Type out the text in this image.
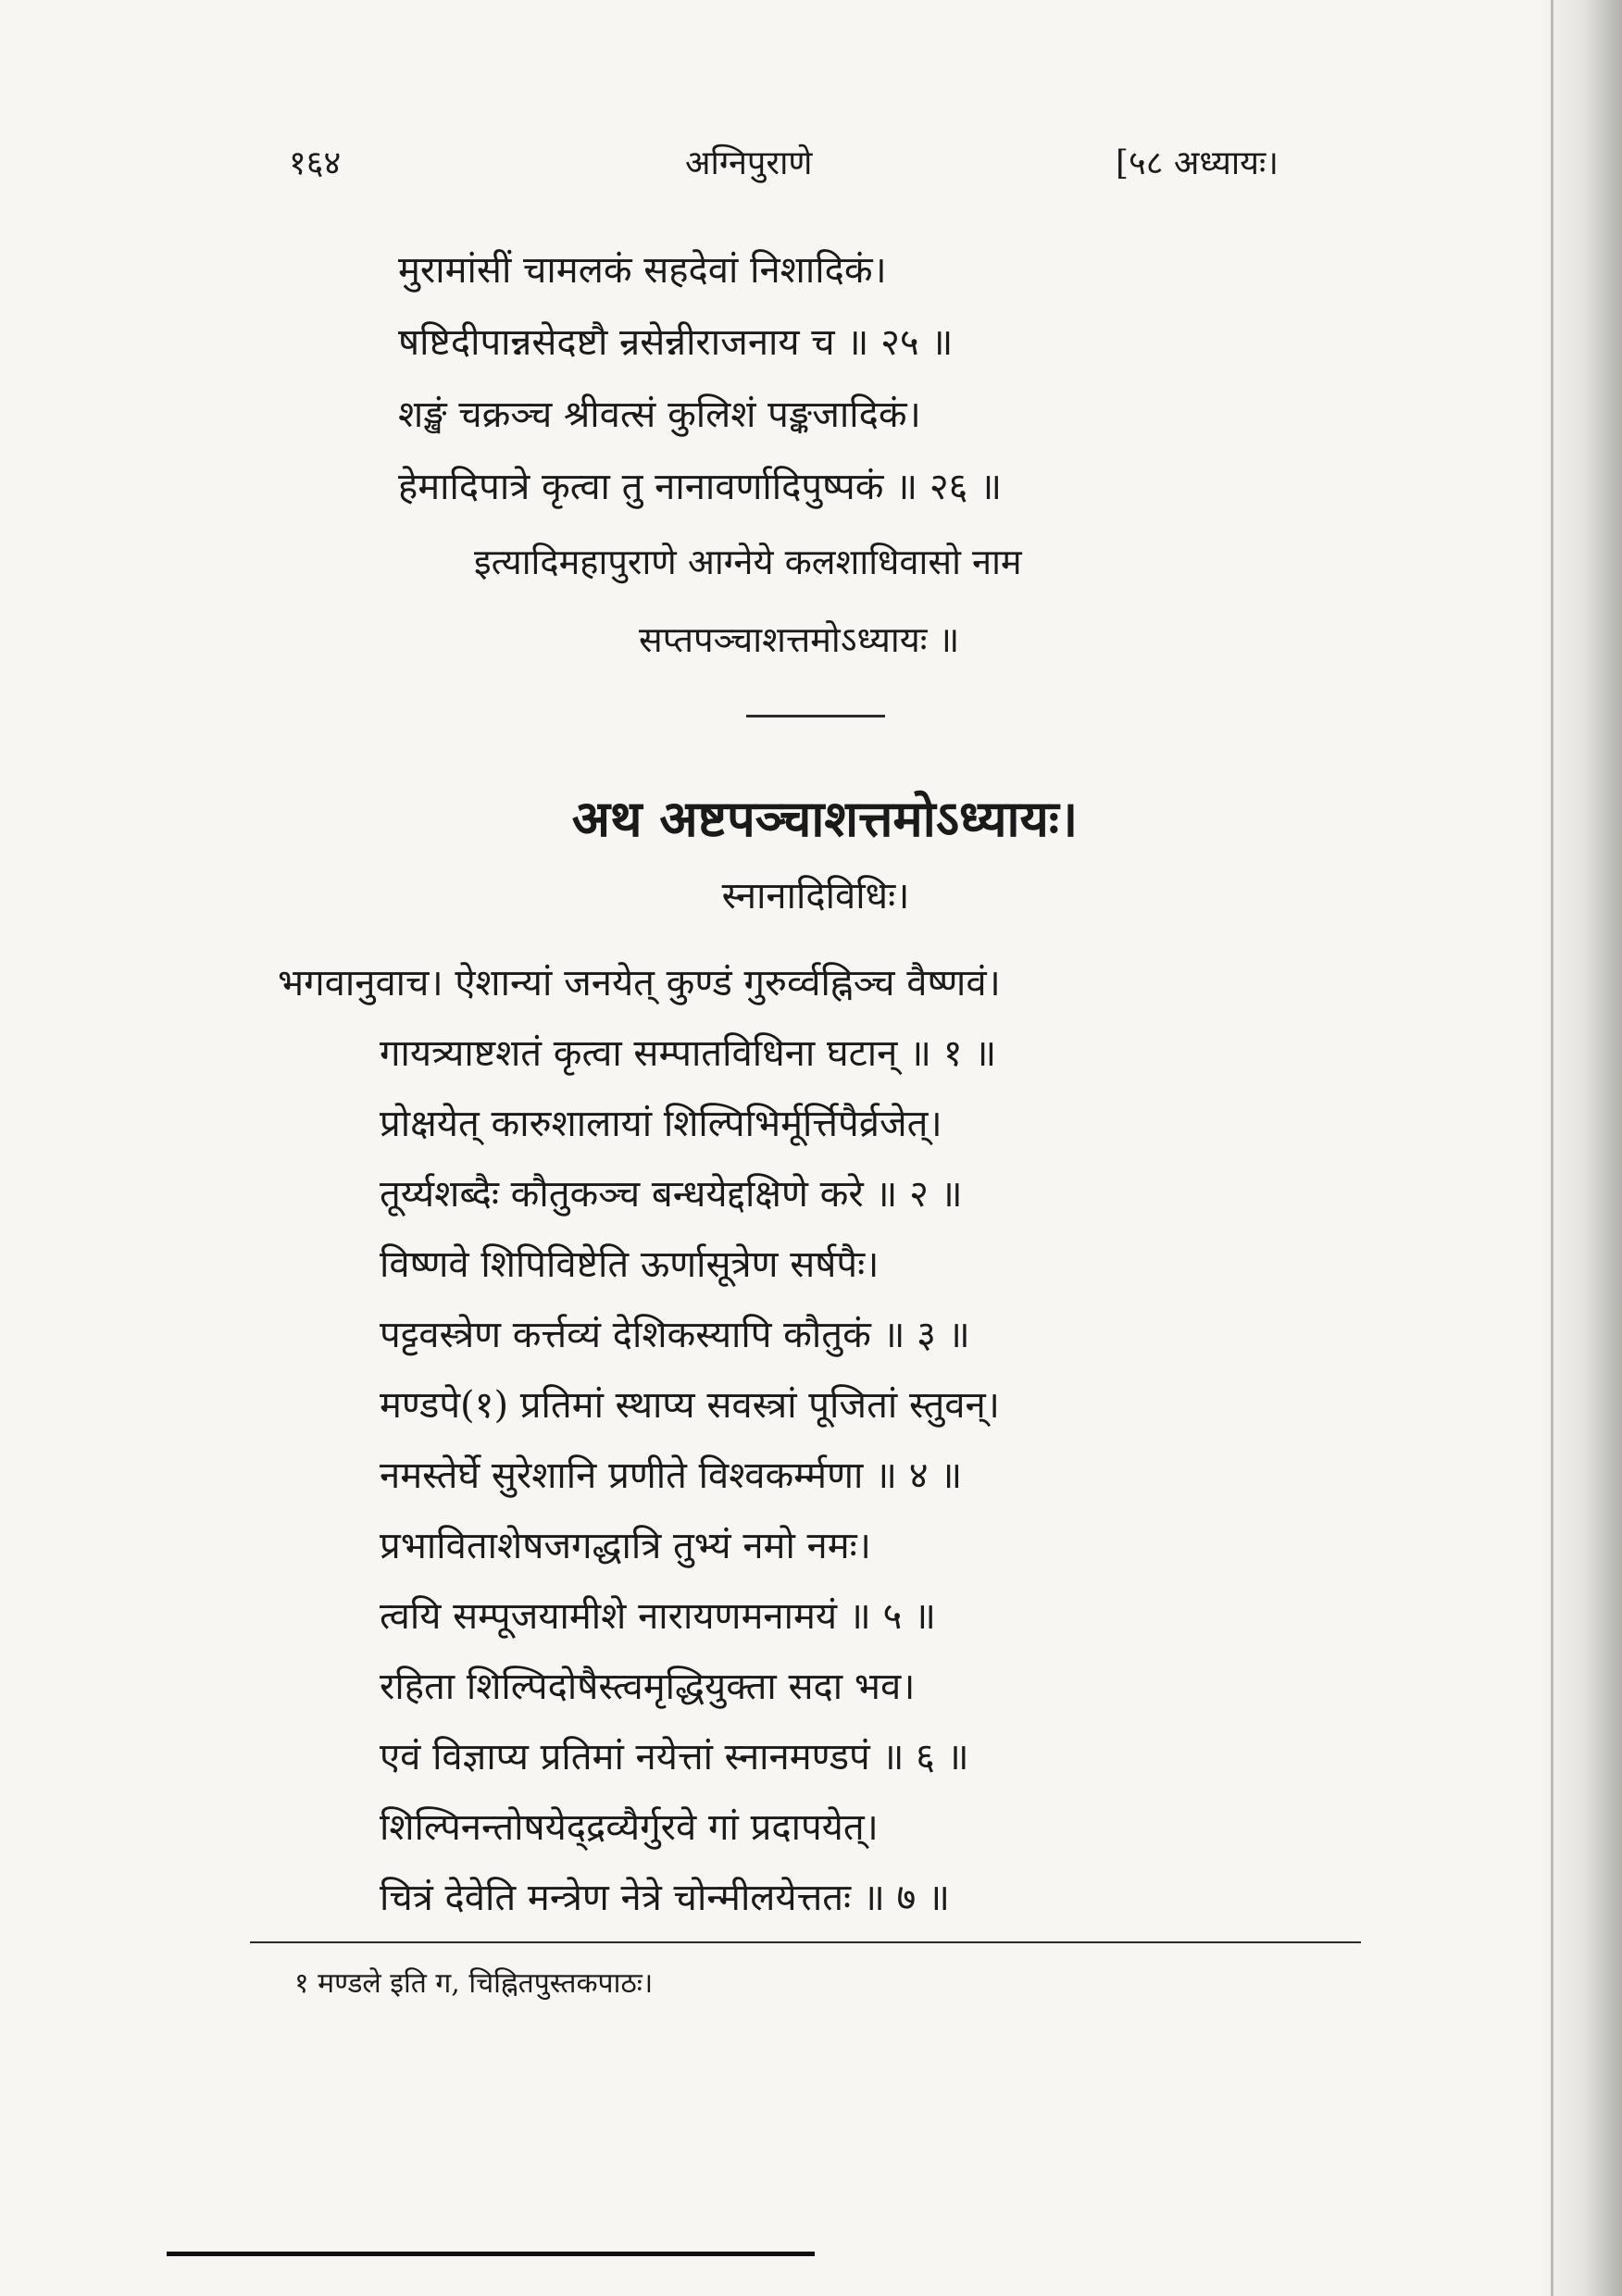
१६४	अग्निपुराणे	[५८ अध्यायः।
मुरामांसीं चामलकं सहदेवां निशादिकं।
षष्टिदीपान्नसेदष्टौ न्रसेन्नीराजनाय च ॥ २५ ॥
शङ्खं चक्रञ्च श्रीवत्सं कुलिशं पङ्कजादिकं।
हेमादिपात्रे कृत्वा तु नानावर्णादिपुष्पकं ॥ २६ ॥
इत्यादिमहापुराणे आग्नेये कलशाधिवासो नाम
सप्तपञ्चाशत्तमोऽध्यायः ॥
अथ अष्टपञ्चाशत्तमोऽध्यायः।
स्नानादिविधिः।
भगवानुवाच। ऐशान्यां जनयेत् कुण्डं गुरुर्व्वह्निञ्च वैष्णवं।
गायत्र्याष्टशतं कृत्वा सम्पातविधिना घटान् ॥ १ ॥
प्रोक्षयेत् कारुशालायां शिल्पिभिर्मूर्त्तिपैर्व्रजेत्।
तूर्य्यशब्दैः कौतुकञ्च बन्धयेद्दक्षिणे करे ॥ २ ॥
विष्णवे शिपिविष्टेति ऊर्णासूत्रेण सर्षपैः।
पट्टवस्त्रेण कर्त्तव्यं देशिकस्यापि कौतुकं ॥ ३ ॥
मण्डपे(१) प्रतिमां स्थाप्य सवस्त्रां पूजितां स्तुवन्।
नमस्तेर्घे सुरेशानि प्रणीते विश्वकर्म्मणा ॥ ४ ॥
प्रभाविताशेषजगद्धात्रि तुभ्यं नमो नमः।
त्वयि सम्पूजयामीशे नारायणमनामयं ॥ ५ ॥
रहिता शिल्पिदोषैस्त्वमृद्धियुक्ता सदा भव।
एवं विज्ञाप्य प्रतिमां नयेत्तां स्नानमण्डपं ॥ ६ ॥
शिल्पिनन्तोषयेद्द्रव्यैर्गुरवे गां प्रदापयेत्।
चित्रं देवेति मन्त्रेण नेत्रे चोन्मीलयेत्ततः ॥ ७ ॥
१ मण्डले इति ग, चिह्नितपुस्तकपाठः।
